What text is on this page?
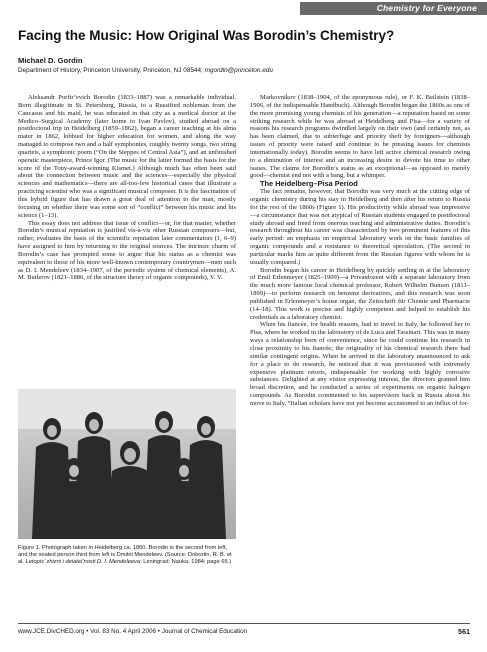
Chemistry for Everyone
Facing the Music: How Original Was Borodin’s Chemistry?
Michael D. Gordin
Department of History, Princeton University, Princeton, NJ 08544; mgordin@princeton.edu

Aleksandr Porfir’evich Borodin (1833–1887) was a remarkable individual. Born illegitimate in St. Petersburg, Russia, to a Russified nobleman from the Caucasus and his maid, he was educated in that city as a medical doctor at the Medico–Surgical Academy (later home to Ivan Pavlov), studied abroad on a postdoctoral trip in Heidelberg (1859–1862), began a career teaching at his alma mater in 1862, lobbied for higher education for women, and along the way managed to compose two and a half symphonies, roughly twenty songs, two string quartets, a symphonic poem (“On the Steppes of Central Asia”), and an unfinished operatic masterpiece, Prince Igor. (The music for the latter formed the basis for the score of the Tony-award-winning Kismet.) Although much has often been said about the connection between music and the sciences—especially the physical sciences and mathematics—there are all-too-few historical cases that illustrate a practicing scientist who was a significant musical composer. It is the fascination of this hybrid figure that has drawn a great deal of attention to the man, mostly focusing on whether there was some sort of “conflict” between his music and his science (1–13).

This essay does not address that issue of conflict—or, for that matter, whether Borodin’s musical reputation is justified vis-à-vis other Russian composers—but, rather, evaluates the basis of the scientific reputation later commentators (1, 6–9) have assigned to him by returning to the original sources. The intrinsic charm of Borodin’s case has prompted some to argue that his status as a chemist was equivalent to those of his more well-known contemporary countrymen—men such as D. I. Mendeleev (1834–1907, of the periodic system of chemical elements), A. M. Butlerov (1821–1886, of the structure theory of organic compounds), V. V.

Figure 1. Photograph taken in Heidelberg ca. 1860. Borodin is the second from left, and the seated person third from left is Dmitrii Mendeleev. (Source: Dobrotin, R. B. et al. Letopis’ zhizni i deiatel’nosti D. I. Mendeleeva; Leningrad: Nauka, 1984; page 65.)

Markovnikov (1838–1904, of the eponymous rule), or F. K. Beilstein (1838–1906, of the indispensable Handbuch). Although Borodin began the 1860s as one of the more promising young chemists of his generation—a reputation based on some striking research while he was abroad at Heidelberg and Pisa—for a variety of reasons his research programs dwindled largely on their own (and certainly not, as has been claimed, due to subterfuge and priority theft by foreigners—although issues of priority were raised and continue to be pressing issues for chemists internationally today). Borodin seems to have left active chemical research owing to a diminution of interest and an increasing desire to devote his time to other issues. The claims for Borodin’s status as an exceptional—as opposed to merely good—chemist end not with a bang, but a whimper.

The Heidelberg–Pisa Period

The fact remains, however, that Borodin was very much at the cutting edge of organic chemistry during his stay in Heidelberg and then after his return to Russia for the rest of the 1860s (Figure 1). His productivity while abroad was impressive—a circumstance that was not atypical of Russian students engaged in postdoctoral study abroad and freed from onerous teaching and administrative duties. Borodin’s research throughout his career was characterized by two prominent features of this early period: an emphasis on empirical laboratory work on the basic families of organic compounds and a resistance to theoretical speculation. (The second in particular marks him as quite different from the Russian figures with whom he is usually compared.)

Borodin began his career in Heidelberg by quickly settling in at the laboratory of Emil Erlenmeyer (1825–1909)—a Privatdozent with a separate laboratory from the much more famous local chemical professor, Robert Wilhelm Bunsen (1811–1899)—to perform research on benzene derivatives, and this research was soon published in Erlenmeyer’s house organ, the Zeitschrift für Chemie und Pharmacie (14–18). This work is precise and highly competent and helped to establish his credentials as a laboratory chemist.

When his fiancée, for health reasons, had to travel to Italy, he followed her to Pisa, where he worked in the laboratory of de Luca and Tassinari. This was in many ways a relationship born of convenience, since he could continue his research in close proximity to his fiancée; the originality of his chemical research there had similar contingent origins. When he arrived in the laboratory unannounced to ask for a place to do research, he noticed that it was provisioned with extremely expensive platinum retorts, indispensable for working with highly corrosive substances. Delighted at any visitor expressing interest, the directors granted him broad discretion, and he conducted a series of experiments on organic halogen compounds. As Borodin commented to his supervisors back in Russia about his move to Italy, “Italian scholars have not yet become accustomed to an influx of for-

www.JCE.DivCHED.org • Vol. 83 No. 4 April 2006 • Journal of Chemical Education	561
